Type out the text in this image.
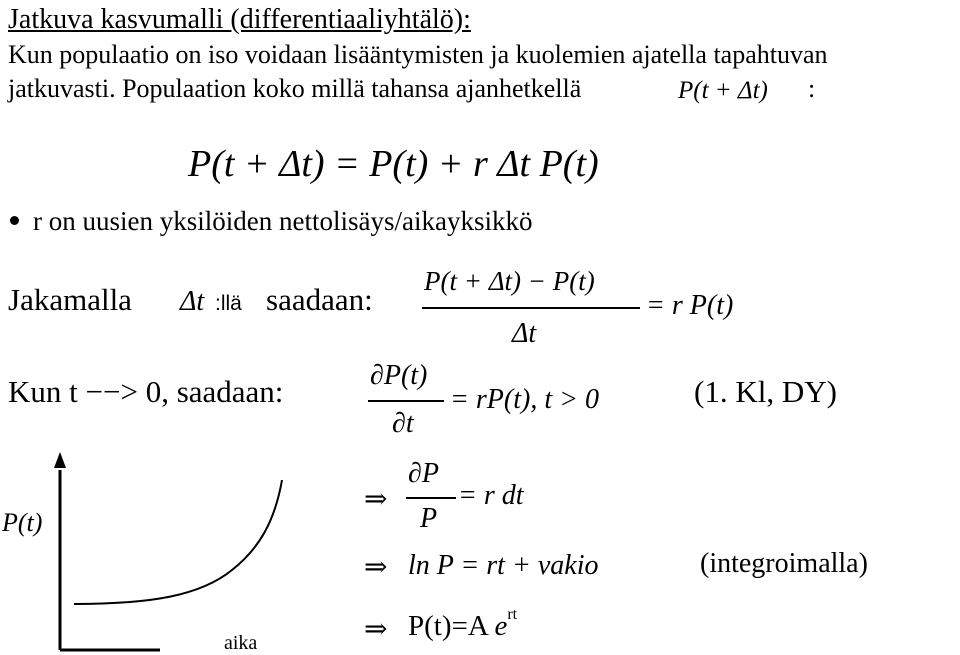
Jatkuva kasvumalli (differentiaaliyhtälö):
Kun populaatio on iso voidaan lisääntymisten ja kuolemien ajatella tapahtuvan
jatkuvasti. Populaation koko millä tahansa ajanhetkellä	P(t + Δt) :
P(t + Δt) = P(t) + r Δt P(t)
r on uusien yksilöiden nettolisäys/aikayksikkö
Jakamalla Δt :llä saadaan:
P(t + Δt) − P(t)
Δt
= r P(t)
Kun t −−> 0, saadaan:	∂P(t)
∂t
= rP(t), t > 0	(1. Kl, DY)
P(t)
aika
⇒
∂P
P
= r dt
⇒ ln P = rt + vakio	(integroimalla)
⇒ P(t)=A $e^{rt}$
